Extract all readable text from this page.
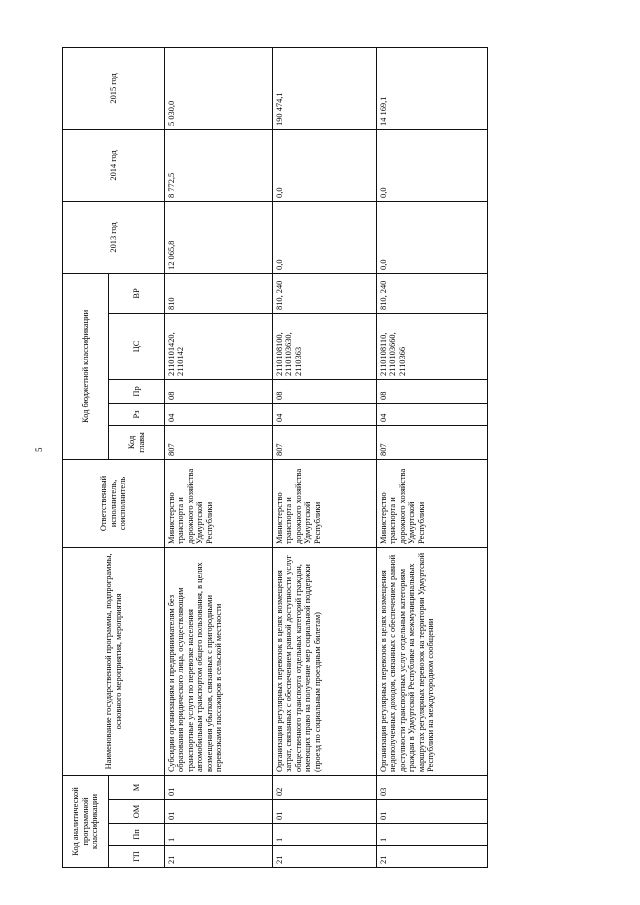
5
Код аналитической программной классификации				Наименование государственной программы, подпрограммы, основного мероприятия, мероприятия	Ответственный исполнитель, соисполнитель	Код бюджетной классификации					2013 год	2014 год	2015 год
ГП	Пп	ОМ	М			Код главы	Рз	Пр	ЦС	ВР			
21	1	01	01	Субсидии организациям и предпринимателям без образования юридического лица, осуществляющим транспортные услуги по перевозке населения автомобильным транспортом общего пользования, в целях возмещения убытков, связанных с пригородными перевозками пассажиров в сельской местности	Министерство транспорта и дорожного хозяйства Удмуртской Республики	807	04	08	2110101420, 2110142	810	12 065,8	8 772,5	5 030,0
21	1	01	02	Организация регулярных перевозок в целях возмещения затрат, связанных с обеспечением равной доступности услуг общественного транспорта отдельных категорий граждан, имеющих право на получение мер социальной поддержки (проезд по социальным проездным билетам)	Министерство транспорта и дорожного хозяйства Удмуртской Республики	807	04	08	2110108100, 2110103630, 2110363	810, 240	0,0	0,0	190 474,1
21	1	01	03	Организация регулярных перевозок в целях возмещения недополученных доходов, связанных с обеспечением равной доступности транспортных услуг отдельным категориям граждан в Удмуртской Республике на межмуниципальных маршрутах регулярных перевозок на территории Удмуртской Республики на междугородном сообщении	Министерство транспорта и дорожного хозяйства Удмуртской Республики	807	04	08	2110108110, 2110103660, 2110366	810, 240	0,0	0,0	14 169,1
